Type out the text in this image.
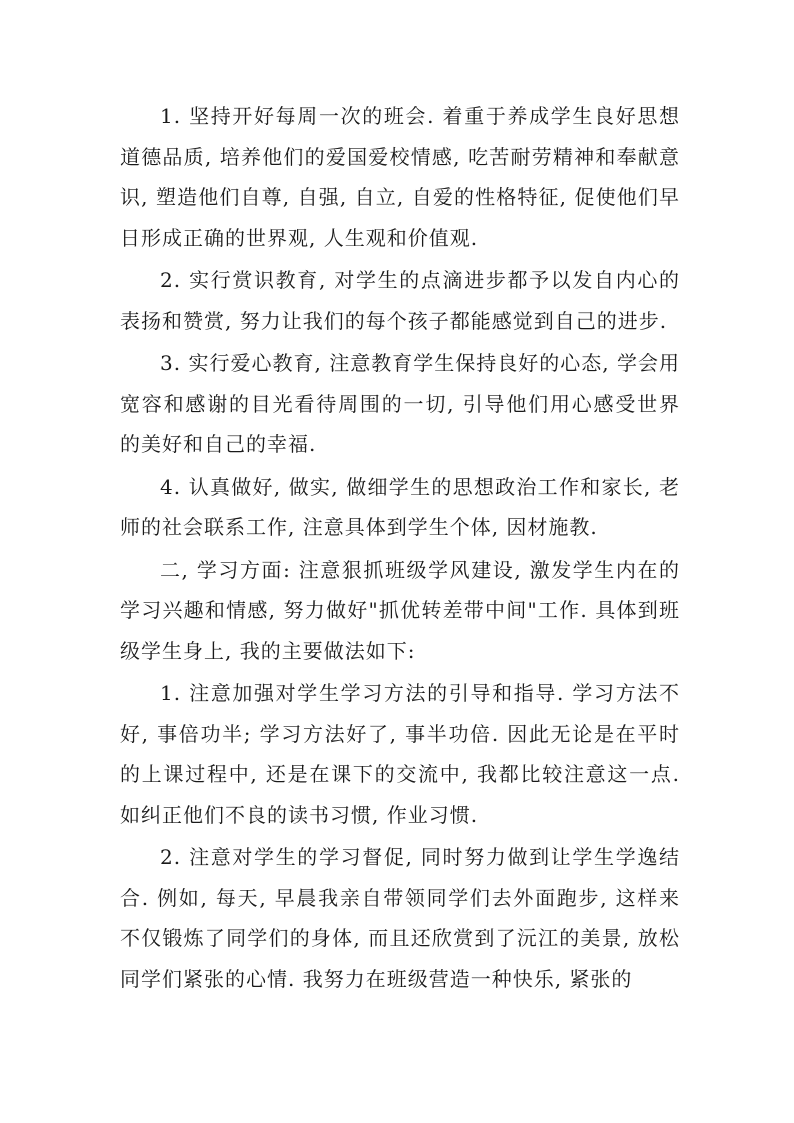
1. 坚持开好每周一次的班会. 着重于养成学生良好思想道德品质, 培养他们的爱国爱校情感, 吃苦耐劳精神和奉献意识, 塑造他们自尊, 自强, 自立, 自爱的性格特征, 促使他们早日形成正确的世界观, 人生观和价值观.

2. 实行赏识教育, 对学生的点滴进步都予以发自内心的表扬和赞赏, 努力让我们的每个孩子都能感觉到自己的进步.

3. 实行爱心教育, 注意教育学生保持良好的心态, 学会用宽容和感谢的目光看待周围的一切, 引导他们用心感受世界的美好和自己的幸福.

4. 认真做好, 做实, 做细学生的思想政治工作和家长, 老师的社会联系工作, 注意具体到学生个体, 因材施教.

二, 学习方面: 注意狠抓班级学风建设, 激发学生内在的学习兴趣和情感, 努力做好"抓优转差带中间"工作. 具体到班级学生身上, 我的主要做法如下:

1. 注意加强对学生学习方法的引导和指导. 学习方法不好, 事倍功半; 学习方法好了, 事半功倍. 因此无论是在平时的上课过程中, 还是在课下的交流中, 我都比较注意这一点. 如纠正他们不良的读书习惯, 作业习惯.

2. 注意对学生的学习督促, 同时努力做到让学生学逸结合. 例如, 每天, 早晨我亲自带领同学们去外面跑步, 这样来不仅锻炼了同学们的身体, 而且还欣赏到了沅江的美景, 放松同学们紧张的心情. 我努力在班级营造一种快乐, 紧张的
